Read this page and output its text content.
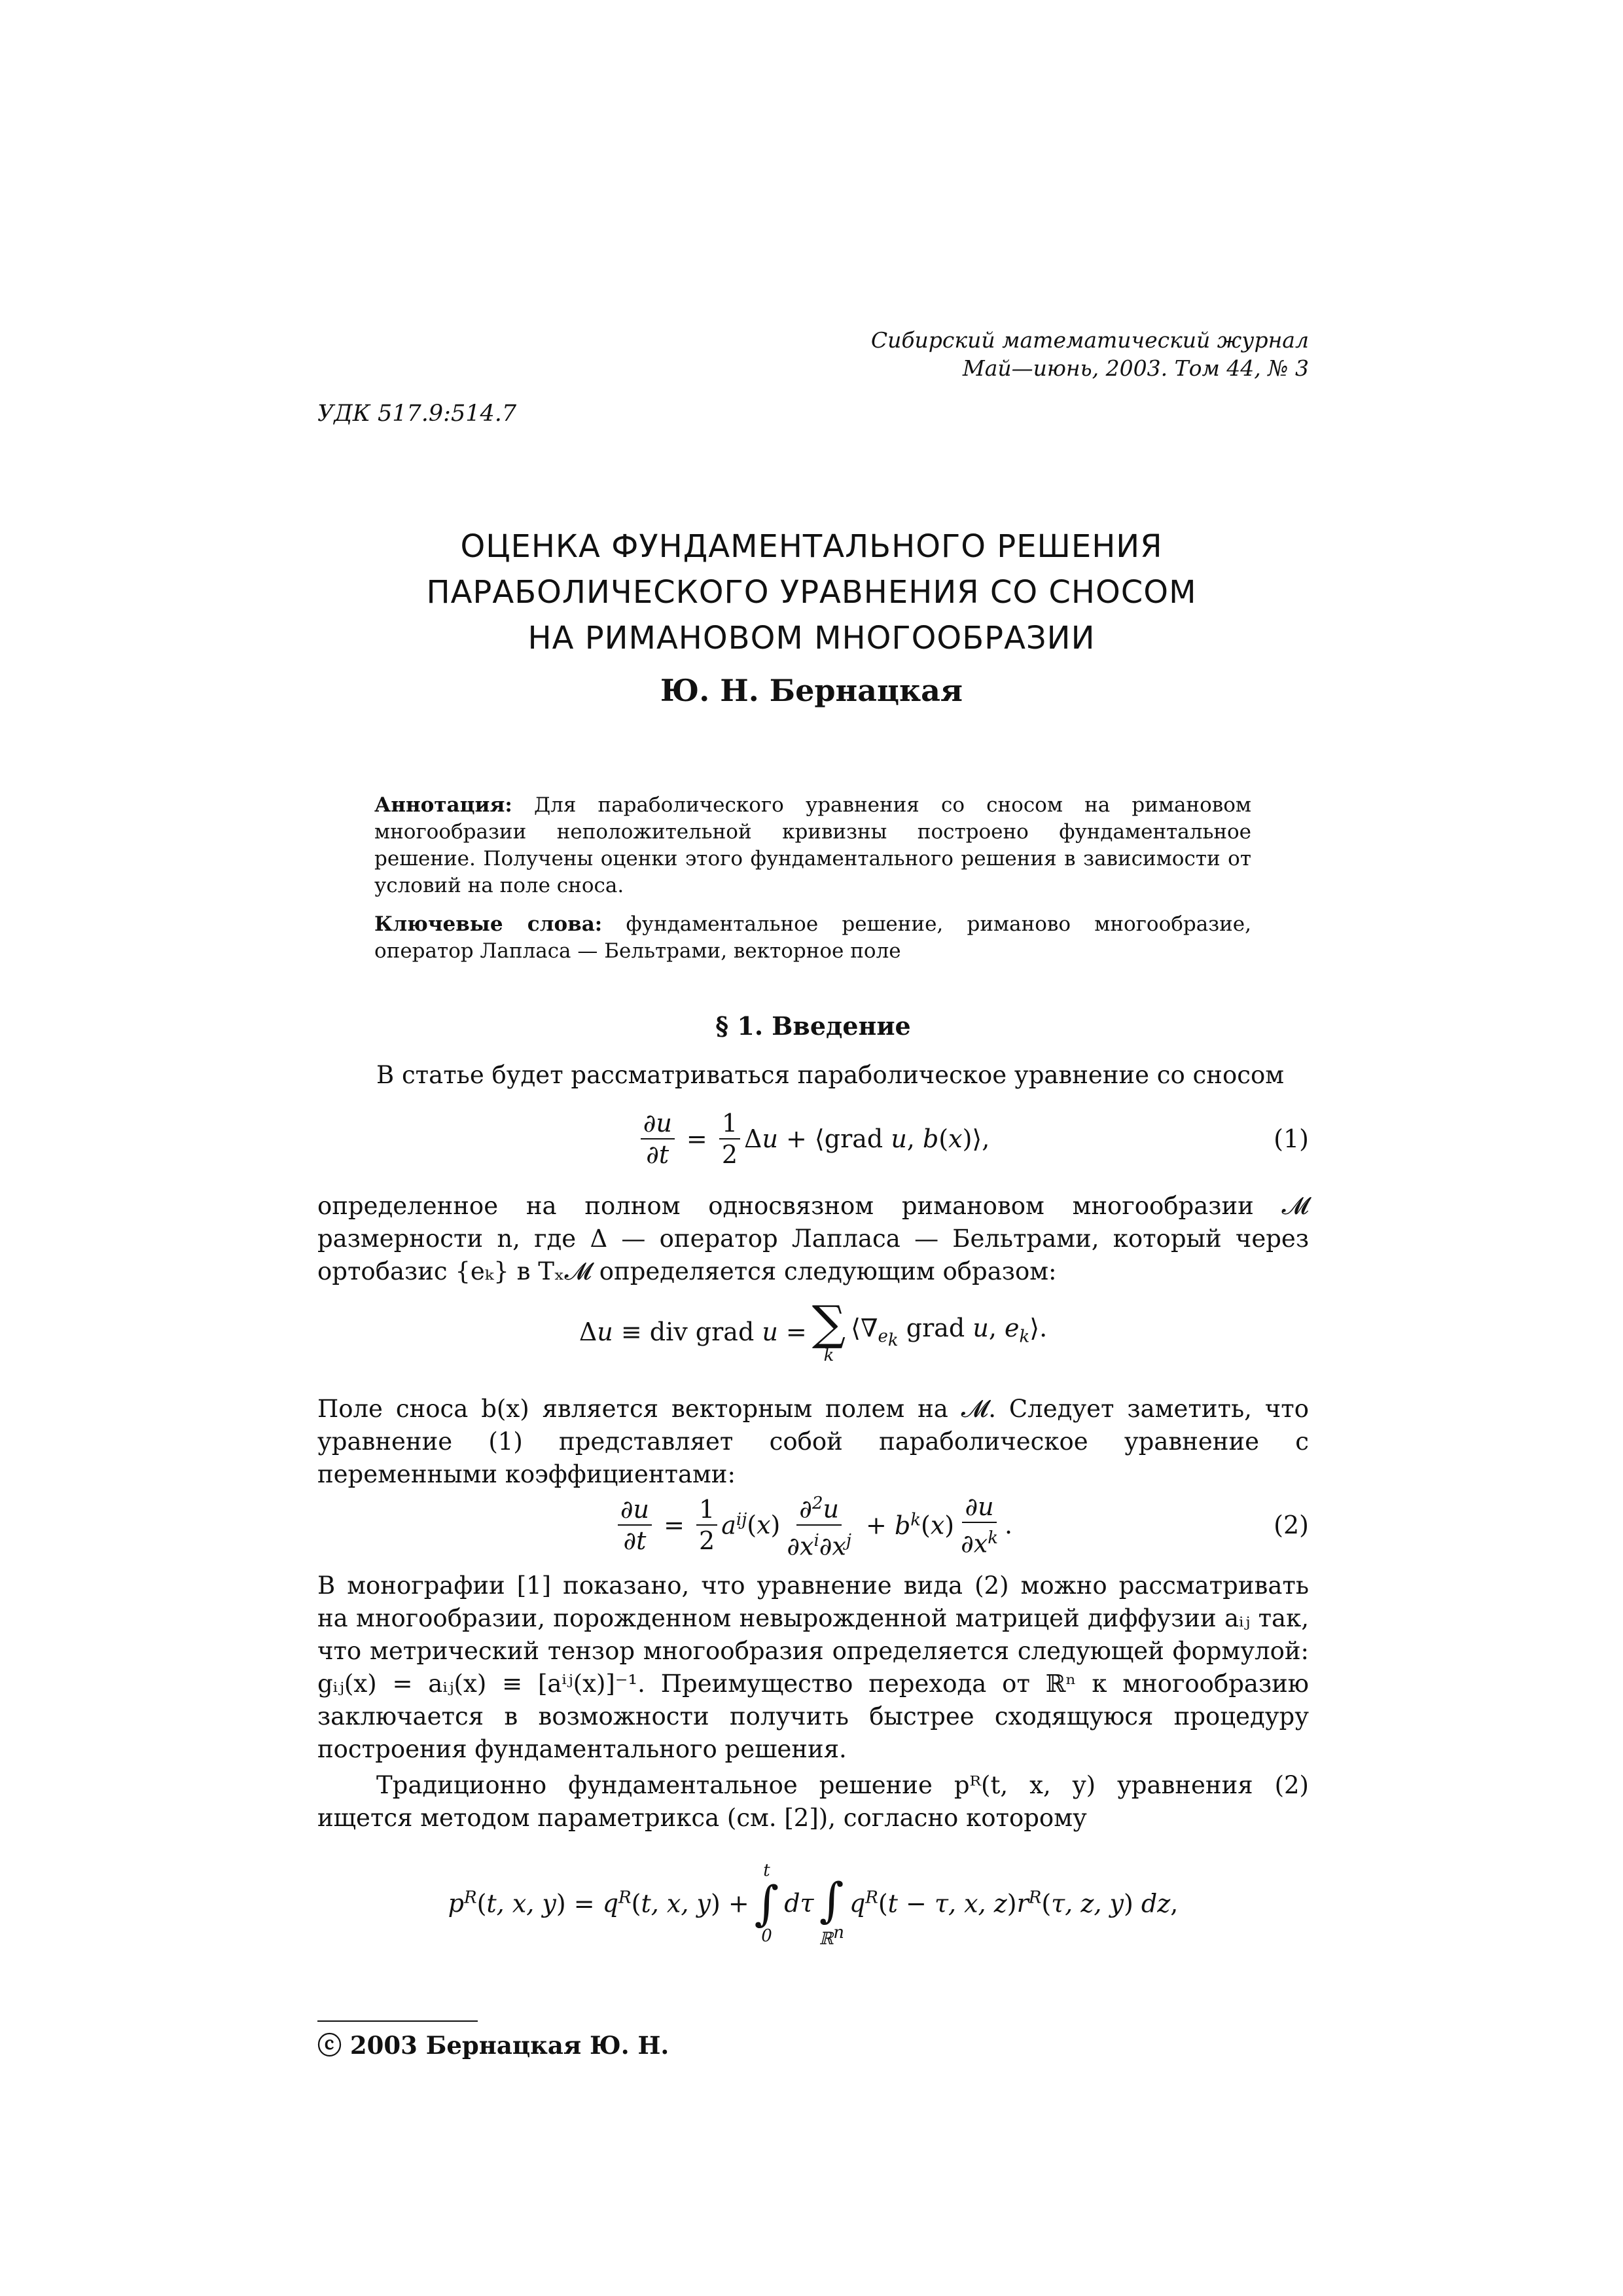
Сибирский математический журнал
Май—июнь, 2003. Том 44, № 3
УДК 517.9:514.7
ОЦЕНКА ФУНДАМЕНТАЛЬНОГО РЕШЕНИЯ
ПАРАБОЛИЧЕСКОГО УРАВНЕНИЯ СО СНОСОМ
НА РИМАНОВОМ МНОГООБРАЗИИ
Ю. Н. Бернацкая

Аннотация: Для параболического уравнения со сносом на римановом многообразии неположительной кривизны построено фундаментальное решение. Получены оценки этого фундаментального решения в зависимости от условий на поле сноса.

Ключевые слова: фундаментальное решение, риманово многообразие, оператор Лапласа — Бельтрами, векторное поле

§ 1. Введение
В статье будет рассматриваться параболическое уравнение со сносом
$\frac{\partial u}{\partial t} = \frac{1}{2}$ Δu + ⟨grad u, b(x)⟩,	(1)
определенное на полном односвязном римановом многообразии 𝓜 размерности n, где Δ — оператор Лапласа — Бельтрами, который через ортобазис {eₖ} в Tₓ𝓜 определяется следующим образом:
Δu ≡ div grad u = ∑
k
$⟨\nabla_{e_k}$ grad u, $e_k⟩$.
Поле сноса b(x) является векторным полем на 𝓜. Следует заметить, что уравнение (1) представляет собой параболическое уравнение с переменными коэффициентами:
$\frac{\partial u}{\partial t} = \frac{1}{2} a^{ij}$ $(x) \frac{\partial^2u}{\partial x^i\partial x^j} + b^k(x) \frac{\partial u}{\partial x^k}$ .	(2)
В монографии [1] показано, что уравнение вида (2) можно рассматривать на многообразии, порожденном невырожденной матрицей диффузии aᵢⱼ так, что метрический тензор многообразия определяется следующей формулой: gᵢⱼ(x) = aᵢⱼ(x) ≡ [aⁱʲ(x)]⁻¹. Преимущество перехода от ℝⁿ к многообразию заключается в возможности получить быстрее сходящуюся процедуру построения фундаментального решения.
Традиционно фундаментальное решение pᴿ(t, x, y) уравнения (2) ищется методом параметрикса (см. [2]), согласно которому
$p^R(t$, x, $y) = q^R(t$, x, y) +
t
∫
0
dτ
∫
ℝ$^n$
$q^R(t - \tau$, x, $z)r^R(\tau$, z, y) dz,
ⓒ 2003 Бернацкая Ю. Н.
